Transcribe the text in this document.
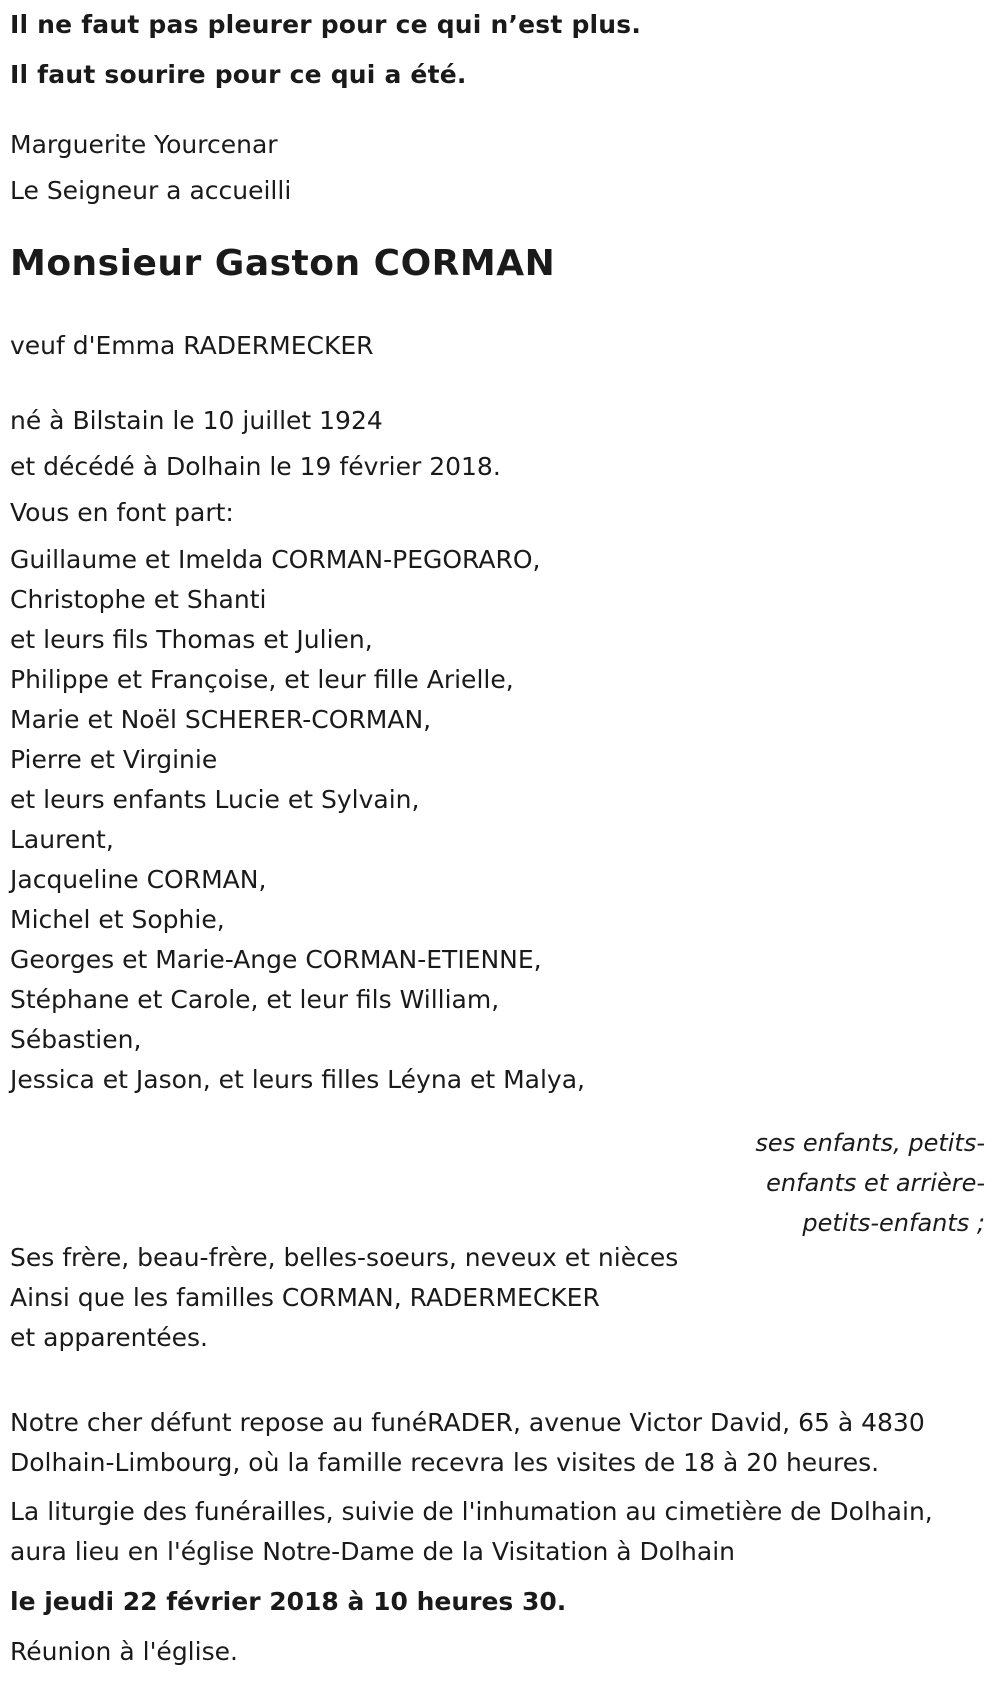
Il ne faut pas pleurer pour ce qui n’est plus.

Il faut sourire pour ce qui a été.

Marguerite Yourcenar

Le Seigneur a accueilli

Monsieur Gaston CORMAN

veuf d'Emma RADERMECKER

né à Bilstain le 10 juillet 1924

et décédé à Dolhain le 19 février 2018.

Vous en font part:

Guillaume et Imelda CORMAN-PEGORARO,
Christophe et Shanti
et leurs fils Thomas et Julien,
Philippe et Françoise, et leur fille Arielle,
Marie et Noël SCHERER-CORMAN,
Pierre et Virginie
et leurs enfants Lucie et Sylvain,
Laurent,
Jacqueline CORMAN,
Michel et Sophie,
Georges et Marie-Ange CORMAN-ETIENNE,
Stéphane et Carole, et leur fils William,
Sébastien,
Jessica et Jason, et leurs filles Léyna et Malya,
ses enfants, petits-
enfants et arrière-
petits-enfants ;

Ses frère, beau-frère, belles-soeurs, neveux et nièces

Ainsi que les familles CORMAN, RADERMECKER

et apparentées.

Notre cher défunt repose au funéRADER, avenue Victor David, 65 à 4830

Dolhain-Limbourg, où la famille recevra les visites de 18 à 20 heures.

La liturgie des funérailles, suivie de l'inhumation au cimetière de Dolhain,

aura lieu en l'église Notre-Dame de la Visitation à Dolhain

le jeudi 22 février 2018 à 10 heures 30.

Réunion à l'église.
